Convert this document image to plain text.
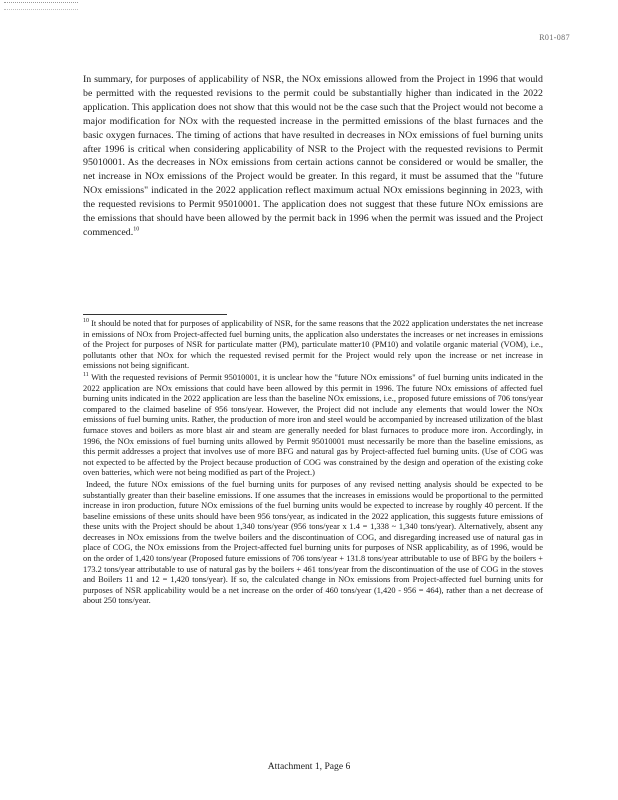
R01-087

In summary, for purposes of applicability of NSR, the NOx emissions allowed from the Project in 1996 that would be permitted with the requested revisions to the permit could be substantially higher than indicated in the 2022 application. This application does not show that this would not be the case such that the Project would not become a major modification for NOx with the requested increase in the permitted emissions of the blast furnaces and the basic oxygen furnaces. The timing of actions that have resulted in decreases in NOx emissions of fuel burning units after 1996 is critical when considering applicability of NSR to the Project with the requested revisions to Permit 95010001. As the decreases in NOx emissions from certain actions cannot be considered or would be smaller, the net increase in NOx emissions of the Project would be greater. In this regard, it must be assumed that the "future NOx emissions" indicated in the 2022 application reflect maximum actual NOx emissions beginning in 2023, with the requested revisions to Permit 95010001. The application does not suggest that these future NOx emissions are the emissions that should have been allowed by the permit back in 1996 when the permit was issued and the Project commenced.$^{10}$

$^{10}$ It should be noted that for purposes of applicability of NSR, for the same reasons that the 2022 application understates the net increase in emissions of NOx from Project-affected fuel burning units, the application also understates the increases or net increases in emissions of the Project for purposes of NSR for particulate matter (PM), particulate matter10 (PM10) and volatile organic material (VOM), i.e., pollutants other that NOx for which the requested revised permit for the Project would rely upon the increase or net increase in emissions not being significant.

$^{11}$ With the requested revisions of Permit 95010001, it is unclear how the "future NOx emissions" of fuel burning units indicated in the 2022 application are NOx emissions that could have been allowed by this permit in 1996. The future NOx emissions of affected fuel burning units indicated in the 2022 application are less than the baseline NOx emissions, i.e., proposed future emissions of 706 tons/year compared to the claimed baseline of 956 tons/year. However, the Project did not include any elements that would lower the NOx emissions of fuel burning units. Rather, the production of more iron and steel would be accompanied by increased utilization of the blast furnace stoves and boilers as more blast air and steam are generally needed for blast furnaces to produce more iron. Accordingly, in 1996, the NOx emissions of fuel burning units allowed by Permit 95010001 must necessarily be more than the baseline emissions, as this permit addresses a project that involves use of more BFG and natural gas by Project-affected fuel burning units. (Use of COG was not expected to be affected by the Project because production of COG was constrained by the design and operation of the existing coke oven batteries, which were not being modified as part of the Project.)

Indeed, the future NOx emissions of the fuel burning units for purposes of any revised netting analysis should be expected to be substantially greater than their baseline emissions. If one assumes that the increases in emissions would be proportional to the permitted increase in iron production, future NOx emissions of the fuel burning units would be expected to increase by roughly 40 percent. If the baseline emissions of these units should have been 956 tons/year, as indicated in the 2022 application, this suggests future emissions of these units with the Project should be about 1,340 tons/year (956 tons/year x 1.4 = 1,338 ~ 1,340 tons/year). Alternatively, absent any decreases in NOx emissions from the twelve boilers and the discontinuation of COG, and disregarding increased use of natural gas in place of COG, the NOx emissions from the Project-affected fuel burning units for purposes of NSR applicability, as of 1996, would be on the order of 1,420 tons/year (Proposed future emissions of 706 tons/year + 131.8 tons/year attributable to use of BFG by the boilers + 173.2 tons/year attributable to use of natural gas by the boilers + 461 tons/year from the discontinuation of the use of COG in the stoves and Boilers 11 and 12 = 1,420 tons/year). If so, the calculated change in NOx emissions from Project-affected fuel burning units for purposes of NSR applicability would be a net increase on the order of 460 tons/year (1,420 - 956 = 464), rather than a net decrease of about 250 tons/year.

Attachment 1, Page 6
